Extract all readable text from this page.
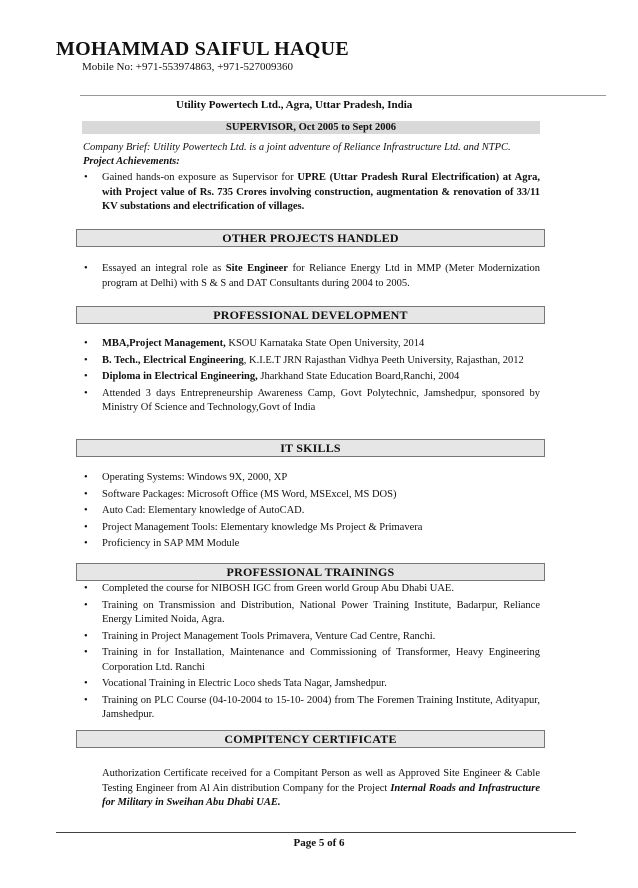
MOHAMMAD SAIFUL HAQUE
Mobile No: +971-553974863, +971-527009360
Utility Powertech Ltd., Agra, Uttar Pradesh, India
SUPERVISOR, Oct 2005 to Sept 2006
Company Brief: Utility Powertech Ltd. is a joint adventure of Reliance Infrastructure Ltd. and NTPC.
Project Achievements:
• Gained hands-on exposure as Supervisor for UPRE (Uttar Pradesh Rural Electrification) at Agra, with Project value of Rs. 735 Crores involving construction, augmentation & renovation of 33/11 KV substations and electrification of villages.
OTHER PROJECTS HANDLED
• Essayed an integral role as Site Engineer for Reliance Energy Ltd in MMP (Meter Modernization program at Delhi) with S & S and DAT Consultants during 2004 to 2005.
PROFESSIONAL DEVELOPMENT
• MBA,Project Management, KSOU Karnataka State Open University, 2014
• B. Tech., Electrical Engineering, K.I.E.T JRN Rajasthan Vidhya Peeth University, Rajasthan, 2012
• Diploma in Electrical Engineering, Jharkhand State Education Board,Ranchi, 2004
• Attended 3 days Entrepreneurship Awareness Camp, Govt Polytechnic, Jamshedpur, sponsored by Ministry Of Science and Technology,Govt of India
IT SKILLS
• Operating Systems: Windows 9X, 2000, XP
• Software Packages: Microsoft Office (MS Word, MSExcel, MS DOS)
• Auto Cad: Elementary knowledge of AutoCAD.
• Project Management Tools: Elementary knowledge Ms Project & Primavera
• Proficiency in SAP MM Module
PROFESSIONAL TRAININGS
• Completed the course for NIBOSH IGC from Green world Group Abu Dhabi UAE.
• Training on Transmission and Distribution, National Power Training Institute, Badarpur, Reliance Energy Limited Noida, Agra.
• Training in Project Management Tools Primavera, Venture Cad Centre, Ranchi.
• Training in for Installation, Maintenance and Commissioning of Transformer, Heavy Engineering Corporation Ltd. Ranchi
• Vocational Training in Electric Loco sheds Tata Nagar, Jamshedpur.
• Training on PLC Course (04-10-2004 to 15-10- 2004) from The Foremen Training Institute, Adityapur, Jamshedpur.
COMPITENCY CERTIFICATE
Authorization Certificate received for a Compitant Person as well as Approved Site Engineer & Cable Testing Engineer from Al Ain distribution Company for the Project Internal Roads and Infrastructure for Military in Sweihan Abu Dhabi UAE.
Page 5 of 6
